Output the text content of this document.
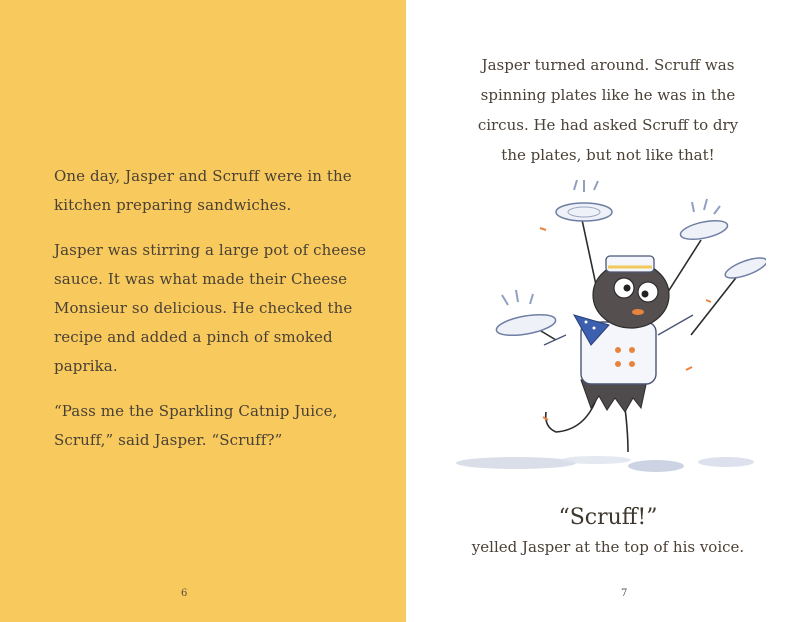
One day, Jasper and Scruff were in the kitchen preparing sandwiches.

Jasper was stirring a large pot of cheese sauce. It was what made their Cheese Monsieur so delicious. He checked the recipe and added a pinch of smoked paprika.

“Pass me the Sparkling Catnip Juice, Scruff,” said Jasper. “Scruff?”

6
Jasper turned around. Scruff was
spinning plates like he was in the
circus. He had asked Scruff to dry
the plates, but not like that!
“Scruff!”
yelled Jasper at the top of his voice.
7
